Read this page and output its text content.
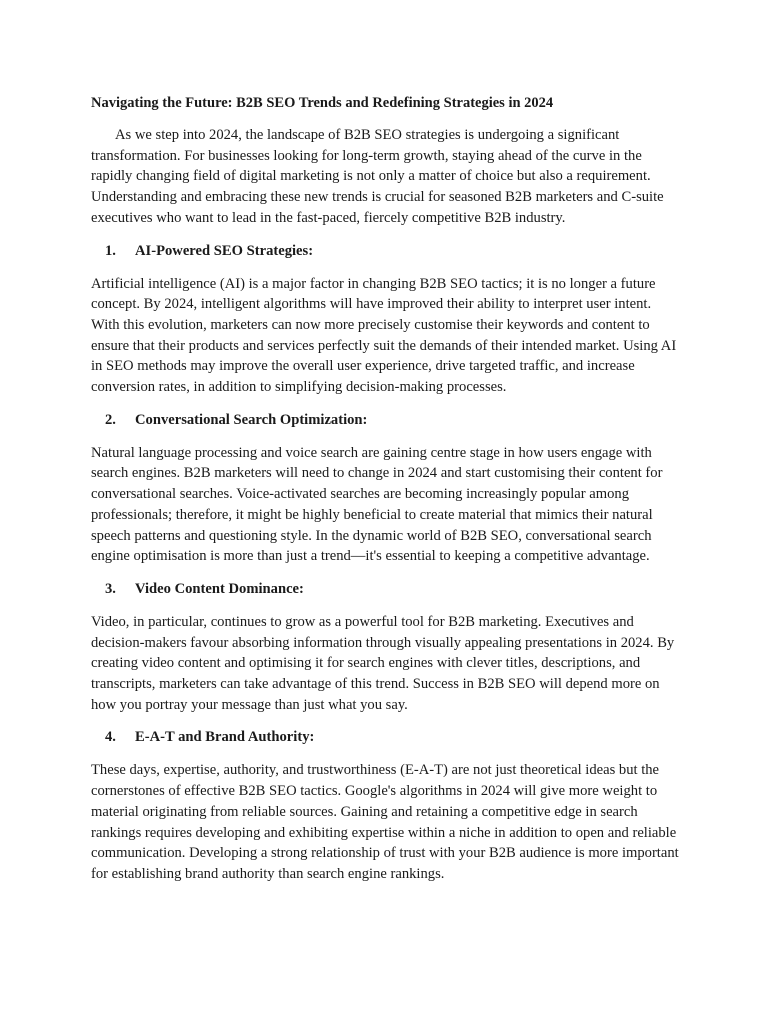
Navigating the Future: B2B SEO Trends and Redefining Strategies in 2024

As we step into 2024, the landscape of B2B SEO strategies is undergoing a significant transformation. For businesses looking for long-term growth, staying ahead of the curve in the rapidly changing field of digital marketing is not only a matter of choice but also a requirement. Understanding and embracing these new trends is crucial for seasoned B2B marketers and C-suite executives who want to lead in the fast-paced, fiercely competitive B2B industry.

1. AI-Powered SEO Strategies:

Artificial intelligence (AI) is a major factor in changing B2B SEO tactics; it is no longer a future concept. By 2024, intelligent algorithms will have improved their ability to interpret user intent. With this evolution, marketers can now more precisely customise their keywords and content to ensure that their products and services perfectly suit the demands of their intended market. Using AI in SEO methods may improve the overall user experience, drive targeted traffic, and increase conversion rates, in addition to simplifying decision-making processes.

2. Conversational Search Optimization:

Natural language processing and voice search are gaining centre stage in how users engage with search engines. B2B marketers will need to change in 2024 and start customising their content for conversational searches. Voice-activated searches are becoming increasingly popular among professionals; therefore, it might be highly beneficial to create material that mimics their natural speech patterns and questioning style. In the dynamic world of B2B SEO, conversational search engine optimisation is more than just a trend—it's essential to keeping a competitive advantage.

3. Video Content Dominance:

Video, in particular, continues to grow as a powerful tool for B2B marketing. Executives and decision-makers favour absorbing information through visually appealing presentations in 2024. By creating video content and optimising it for search engines with clever titles, descriptions, and transcripts, marketers can take advantage of this trend. Success in B2B SEO will depend more on how you portray your message than just what you say.

4. E-A-T and Brand Authority:

These days, expertise, authority, and trustworthiness (E-A-T) are not just theoretical ideas but the cornerstones of effective B2B SEO tactics. Google's algorithms in 2024 will give more weight to material originating from reliable sources. Gaining and retaining a competitive edge in search rankings requires developing and exhibiting expertise within a niche in addition to open and reliable communication. Developing a strong relationship of trust with your B2B audience is more important for establishing brand authority than search engine rankings.
